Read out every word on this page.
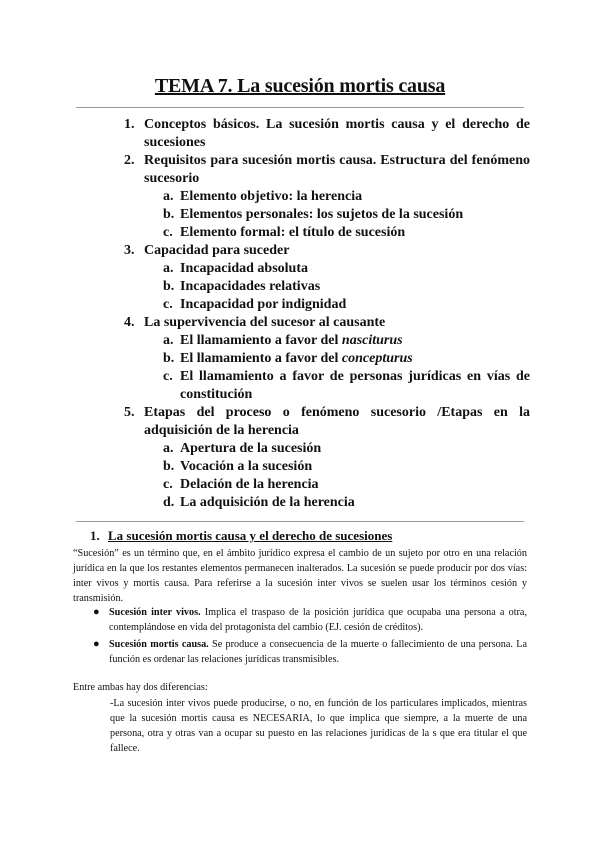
TEMA 7. La sucesión mortis causa
1. Conceptos básicos. La sucesión mortis causa y el derecho de sucesiones
2. Requisitos para sucesión mortis causa. Estructura del fenómeno sucesorio
a. Elemento objetivo: la herencia
b. Elementos personales: los sujetos de la sucesión
c. Elemento formal: el título de sucesión
3. Capacidad para suceder
a. Incapacidad absoluta
b. Incapacidades relativas
c. Incapacidad por indignidad
4. La supervivencia del sucesor al causante
a. El llamamiento a favor del nasciturus
b. El llamamiento a favor del concepturus
c. El llamamiento a favor de personas jurídicas en vías de constitución
5. Etapas del proceso o fenómeno sucesorio /Etapas en la adquisición de la herencia
a. Apertura de la sucesión
b. Vocación a la sucesión
c. Delación de la herencia
d. La adquisición de la herencia
1. La sucesión mortis causa y el derecho de sucesiones

“Sucesión” es un término que, en el ámbito jurídico expresa el cambio de un sujeto por otro en una relación jurídica en la que los restantes elementos permanecen inalterados. La sucesión se puede producir por dos vías: inter vivos y mortis causa. Para referirse a la sucesión inter vivos se suelen usar los términos cesión y transmisión.

● Sucesión inter vivos. Implica el traspaso de la posición jurídica que ocupaba una persona a otra, contemplándose en vida del protagonista del cambio (EJ. cesión de créditos).
● Sucesión mortis causa. Se produce a consecuencia de la muerte o fallecimiento de una persona. La función es ordenar las relaciones jurídicas transmisibles.

Entre ambas hay dos diferencias:

-La sucesión inter vivos puede producirse, o no, en función de los particulares implicados, mientras que la sucesión mortis causa es NECESARIA, lo que implica que siempre, a la muerte de una persona, otra y otras van a ocupar su puesto en las relaciones jurídicas de la s que era titular el que fallece.
